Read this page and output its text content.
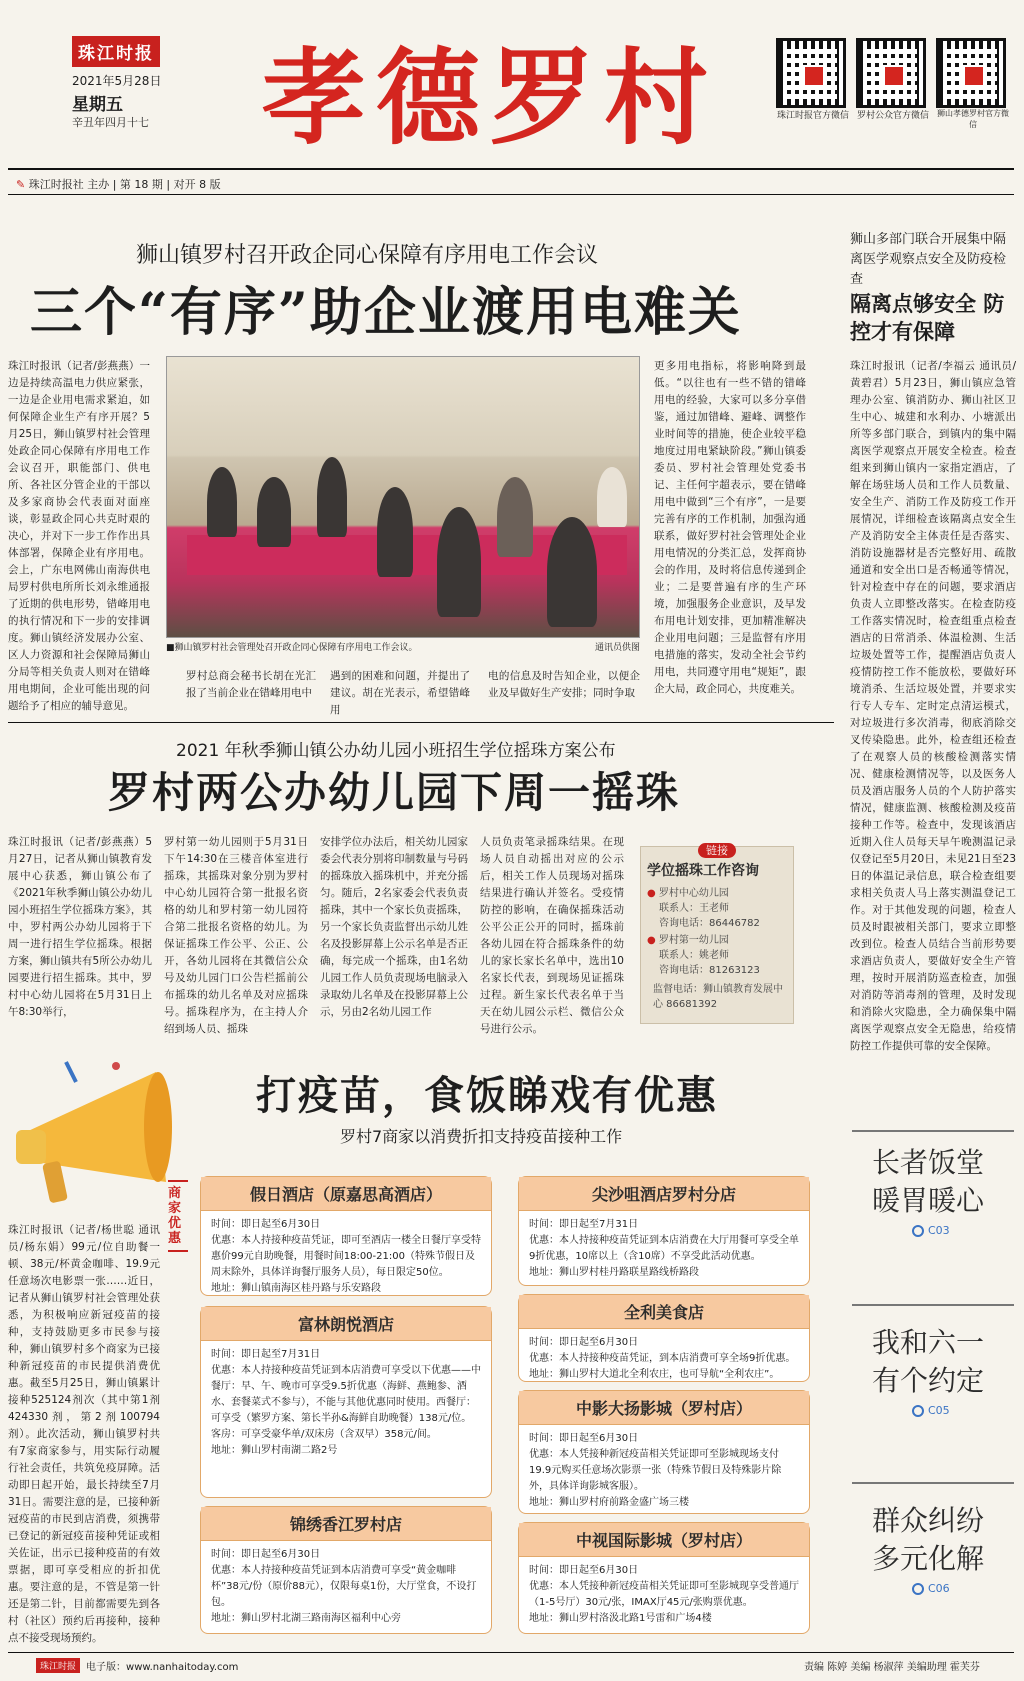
珠江时报
2021年5月28日
星期五
辛丑年四月十七 孝德罗村	珠江时报官方微信 罗村公众官方微信 狮山孝德罗村官方微信
✎ 珠江时报社 主办 | 第 18 期 | 对开 8 版
狮山镇罗村召开政企同心保障有序用电工作会议
三个“有序”助企业渡用电难关
珠江时报讯（记者/彭燕燕）一边是持续高温电力供应紧张，一边是企业用电需求紧迫，如何保障企业生产有序开展？5月25日，狮山镇罗村社会管理处政企同心保障有序用电工作会议召开，职能部门、供电所、各社区分管企业的干部以及多家商协会代表面对面座谈，彰显政企同心共克时艰的决心，并对下一步工作作出具体部署，保障企业有序用电。会上，广东电网佛山南海供电局罗村供电所所长刘永维通报了近期的供电形势，错峰用电的执行情况和下一步的安排调度。狮山镇经济发展办公室、区人力资源和社会保障局狮山分局等相关负责人则对在错峰用电期间，企业可能出现的问题给予了相应的辅导意见。
■狮山镇罗村社会管理处召开政企同心保障有序用电工作会议。	通讯员供图
罗村总商会秘书长胡在光汇报了当前企业在错峰用电中
遇到的困难和问题，并提出了建议。胡在光表示，希望错峰用
电的信息及时告知企业，以便企业及早做好生产安排；同时争取
更多用电指标，将影响降到最低。“以往也有一些不错的错峰用电的经验，大家可以多分享借鉴，通过加错峰、避峰、调整作业时间等的措施，使企业较平稳地度过用电紧缺阶段。”狮山镇委委员、罗村社会管理处党委书记、主任何宇超表示，要在错峰用电中做到“三个有序”，一是要完善有序的工作机制，加强沟通联系，做好罗村社会管理处企业用电情况的分类汇总，发挥商协会的作用，及时将信息传递到企业；二是要普遍有序的生产环境，加强服务企业意识，及早发布用电计划安排，更加精准解决企业用电问题；三是监督有序用电措施的落实，发动全社会节约用电，共同遵守用电“规矩”，跟企大局，政企同心，共度难关。
狮山多部门联合开展集中隔离医学观察点安全及防疫检查
隔离点够安全 防控才有保障
珠江时报讯（记者/李福云 通讯员/黄碧君）5月23日，狮山镇应急管理办公室、镇消防办、狮山社区卫生中心、城建和水利办、小塘派出所等多部门联合，到镇内的集中隔离医学观察点开展安全检查。检查组来到狮山镇内一家指定酒店，了解在场驻场人员和工作人员数量、安全生产、消防工作及防疫工作开展情况，详细检查该隔离点安全生产及消防安全主体责任是否落实、消防设施器材是否完整好用、疏散通道和安全出口是否畅通等情况，针对检查中存在的问题，要求酒店负责人立即整改落实。在检查防疫工作落实情况时，检查组重点检查酒店的日常消杀、体温检测、生活垃圾处置等工作，提醒酒店负责人疫情防控工作不能放松，要做好环境消杀、生活垃圾处置，并要求实行专人专车、定时定点清运模式，对垃圾进行多次消毒，彻底消除交叉传染隐患。此外，检查组还检查了在观察人员的核酸检测落实情况、健康检测情况等，以及医务人员及酒店服务人员的个人防护落实情况，健康监测、核酸检测及疫苗接种工作等。检查中，发现该酒店近期入住人员每天早午晚测温记录仅登记至5月20日，未见21日至23日的体温记录信息，联合检查组要求相关负责人马上落实测温登记工作。对于其他发现的问题，检查人员及时跟被相关部门，要求立即整改到位。检查人员结合当前形势要求酒店负责人，要做好安全生产管理，按时开展消防巡查检查，加强对消防等消毒剂的管理，及时发现和消除火灾隐患，全力确保集中隔离医学观察点安全无隐患，给疫情防控工作提供可靠的安全保障。
2021 年秋季狮山镇公办幼儿园小班招生学位摇珠方案公布
罗村两公办幼儿园下周一摇珠
珠江时报讯（记者/彭燕燕）5月27日，记者从狮山镇教育发展中心获悉，狮山镇公布了《2021年秋季狮山镇公办幼儿园小班招生学位摇珠方案》，其中，罗村两公办幼儿园将于下周一进行招生学位摇珠。根据方案，狮山镇共有5所公办幼儿园要进行招生摇珠。其中，罗村中心幼儿园将在5月31日上午8:30举行，
罗村第一幼儿园则于5月31日下午14:30在三楼音体室进行摇珠，其摇珠对象分别为罗村中心幼儿园符合第一批报名资格的幼儿和罗村第一幼儿园符合第二批报名资格的幼儿。为保证摇珠工作公平、公正、公开，各幼儿园将在其微信公众号及幼儿园门口公告栏摇前公布摇珠的幼儿名单及对应摇珠号。摇珠程序为，在主持人介绍到场人员、摇珠
安排学位办法后，相关幼儿园家委会代表分别将印制数量与号码的摇珠放入摇珠机中，并充分摇匀。随后，2名家委会代表负责摇珠，其中一个家长负责摇珠，另一个家长负责监督出示幼儿姓名及投影屏幕上公示名单是否正确，每完成一个摇珠，由1名幼儿园工作人员负责现场电脑录入录取幼儿名单及在投影屏幕上公示，另由2名幼儿园工作
人员负责笔录摇珠结果。在现场人员自动摇出对应的公示后，相关工作人员现场对摇珠结果进行确认并签名。受疫情防控的影响，在确保摇珠活动公平公正公开的同时，摇珠前各幼儿园在符合摇珠条件的幼儿的家长家长名单中，选出10名家长代表，到现场见证摇珠过程。新生家长代表名单于当天在幼儿园公示栏、微信公众号进行公示。
链接
学位摇珠工作咨询
● 罗村中心幼儿园
联系人：王老师
咨询电话：86446782
● 罗村第一幼儿园
联系人：姚老师
咨询电话：81263123
监督电话：狮山镇教育发展中心 86681392
打疫苗，食饭睇戏有优惠
罗村7商家以消费折扣支持疫苗接种工作
商家优惠
珠江时报讯（记者/杨世聪 通讯员/杨东娟）99元/位自助餐一顿、38元/杯黄金咖啡、19.9元任意场次电影票一张……近日，记者从狮山镇罗村社会管理处获悉，为积极响应新冠疫苗的接种，支持鼓励更多市民参与接种，狮山镇罗村多个商家为已接种新冠疫苗的市民提供消费优惠。截至5月25日，狮山镇累计接种525124剂次（其中第1剂424330剂，第2剂100794剂）。此次活动，狮山镇罗村共有7家商家参与，用实际行动履行社会责任，共筑免疫屏障。活动即日起开始，最长持续至7月31日。需要注意的是，已接种新冠疫苗的市民到店消费，须携带已登记的新冠疫苗接种凭证或相关佐证，出示已接种疫苗的有效票据，即可享受相应的折扣优惠。要注意的是，不管是第一针还是第二针，目前都需要先到各村（社区）预约后再接种，接种点不接受现场预约。
假日酒店（原嘉思高酒店）
时间：即日起至6月30日
优惠：本人持接种疫苗凭证，即可至酒店一楼全日餐厅享受特惠价99元自助晚餐，用餐时间18:00-21:00（特殊节假日及周末除外，具体详询餐厅服务人员），每日限定50位。
地址：狮山镇南海区桂丹路与乐安路段
富林朗悦酒店
时间：即日起至7月31日
优惠：本人持接种疫苗凭证到本店消费可享受以下优惠——中餐厅：早、午、晚市可享受9.5折优惠（海鲜、燕鲍参、酒水、套餐菜式不参与），不能与其他优惠同时使用。西餐厅：可享受（繁罗方案、第长半孙&海鲜自助晚餐）138元/位。客房：可享受豪华单/双床房（含双早）358元/间。
地址：狮山罗村南湖二路2号
锦绣香江罗村店
时间：即日起至6月30日
优惠：本人持接种疫苗凭证到本店消费可享受“黄金咖啡杯”38元/份（原价88元），仅限每桌1份，大厅堂食，不设打包。
地址：狮山罗村北湖三路南海区福利中心旁
尖沙咀酒店罗村分店
时间：即日起至7月31日
优惠：本人持接种疫苗凭证到本店消费在大厅用餐可享受全单9折优惠，10席以上（含10席）不享受此活动优惠。
地址：狮山罗村桂丹路联星路线桥路段
全利美食店
时间：即日起至6月30日
优惠：本人持接种疫苗凭证，到本店消费可享全场9折优惠。
地址：狮山罗村大道北全利农庄，也可导航“全利农庄”。
中影大扬影城（罗村店）
时间：即日起至6月30日
优惠：本人凭接种新冠疫苗相关凭证即可至影城现场支付19.9元购买任意场次影票一张（特殊节假日及特殊影片除外，具体详询影城客服）。
地址：狮山罗村府前路金盛广场三楼
中视国际影城（罗村店）
时间：即日起至6月30日
优惠：本人凭接种新冠疫苗相关凭证即可至影城现享受普通厅（1-5号厅）30元/张，IMAX厅45元/张购票优惠。
地址：狮山罗村洛汲北路1号雷和广场4楼
长者饭堂 暖胃暖心
C03
我和六一 有个约定
C05
群众纠纷 多元化解
C06
珠江时报	电子版：www.nanhaitoday.com	责编 陈婷 美编 杨淑萍 美编助理 霍芙芬
